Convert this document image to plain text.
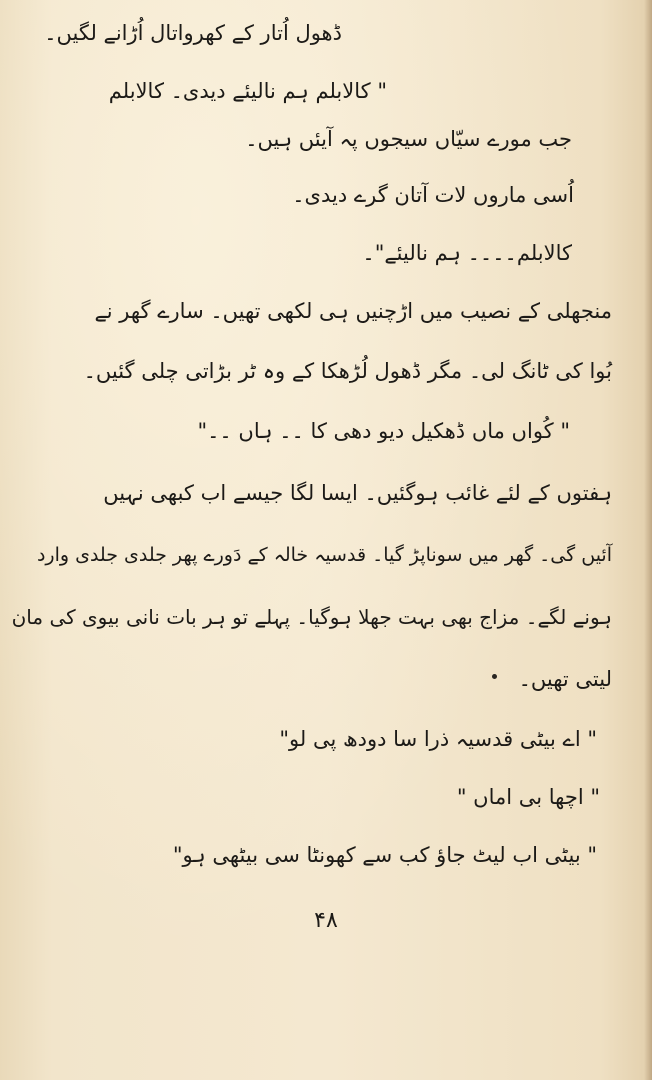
ڈھول اُتار کے کھرواتال اُڑانے لگیں۔
" کالابلم ہم نالیئے دیدی۔ کالابلم
جب مورے سیّاں سیجوں پہ آیئں ہیں۔
اُسی ماروں لات آتان گرے دیدی۔
کالابلم۔۔۔۔ ہم نالیئے"۔
منجھلی کے نصیب میں اڑچنیں ہی لکھی تھیں۔ سارے گھر نے
بُوا کی ٹانگ لی۔ مگر ڈھول لُڑھکا کے وہ ٹر بڑاتی چلی گئیں۔
" کُواں ماں ڈھکیل دیو دھی کا ۔۔ ہاں ۔۔"
ہفتوں کے لئے غائب ہوگئیں۔ ایسا لگا جیسے اب کبھی نہیں
آئیں گی۔ گھر میں سوناپڑ گیا۔ قدسیہ خالہ کے دَورے پھر جلدی جلدی وارد
ہونے لگے۔ مزاج بھی بہت جھلا ہوگیا۔ پہلے تو ہر بات نانی بیوی کی مان
لیتی تھیں۔
" اے بیٹی قدسیہ ذرا سا دودھ پی لو"
" اچھا بی اماں "
" بیٹی اب لیٹ جاؤ کب سے کھونٹا سی بیٹھی ہو"
۴۸
